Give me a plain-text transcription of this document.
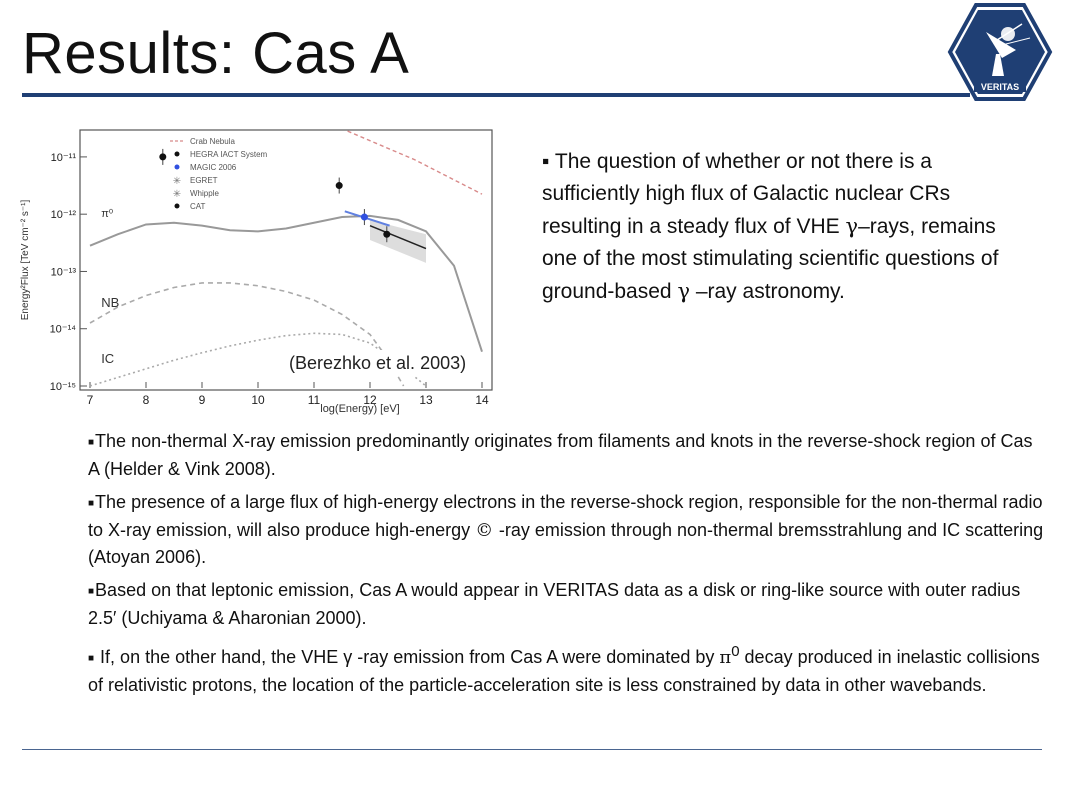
Results: Cas A
VERITAS
Energy²Flux [TeV cm⁻² s⁻¹]
log(Energy) [eV]
7	8	9	10	11	12	13	14
10⁻¹¹
10⁻¹²
10⁻¹³
10⁻¹⁴
10⁻¹⁵
Crab Nebula
HEGRA IACT System
MAGIC 2006
✳ EGRET
✳ Whipple
CAT
π⁰
NB
IC	(Berezhko et al. 2003)
▪ The question of whether or not there is a sufficiently high flux of Galactic nuclear CRs resulting in a steady flux of VHE γ–rays, remains one of the most stimulating scientific questions of ground-based γ –ray astronomy.
■The non-thermal X-ray emission predominantly originates from filaments and knots in the reverse-shock region of Cas A (Helder & Vink 2008).
■The presence of a large flux of high-energy electrons in the reverse-shock region, responsible for the non-thermal radio to X-ray emission, will also produce high-energy © -ray emission through non-thermal bremsstrahlung and IC scattering (Atoyan 2006).
■Based on that leptonic emission, Cas A would appear in VERITAS data as a disk or ring-like source with outer radius 2.5′ (Uchiyama & Aharonian 2000).
■ If, on the other hand, the VHE γ -ray emission from Cas A were dominated by $\pi^0$ decay produced in inelastic collisions of relativistic protons, the location of the particle-acceleration site is less constrained by data in other wavebands.
